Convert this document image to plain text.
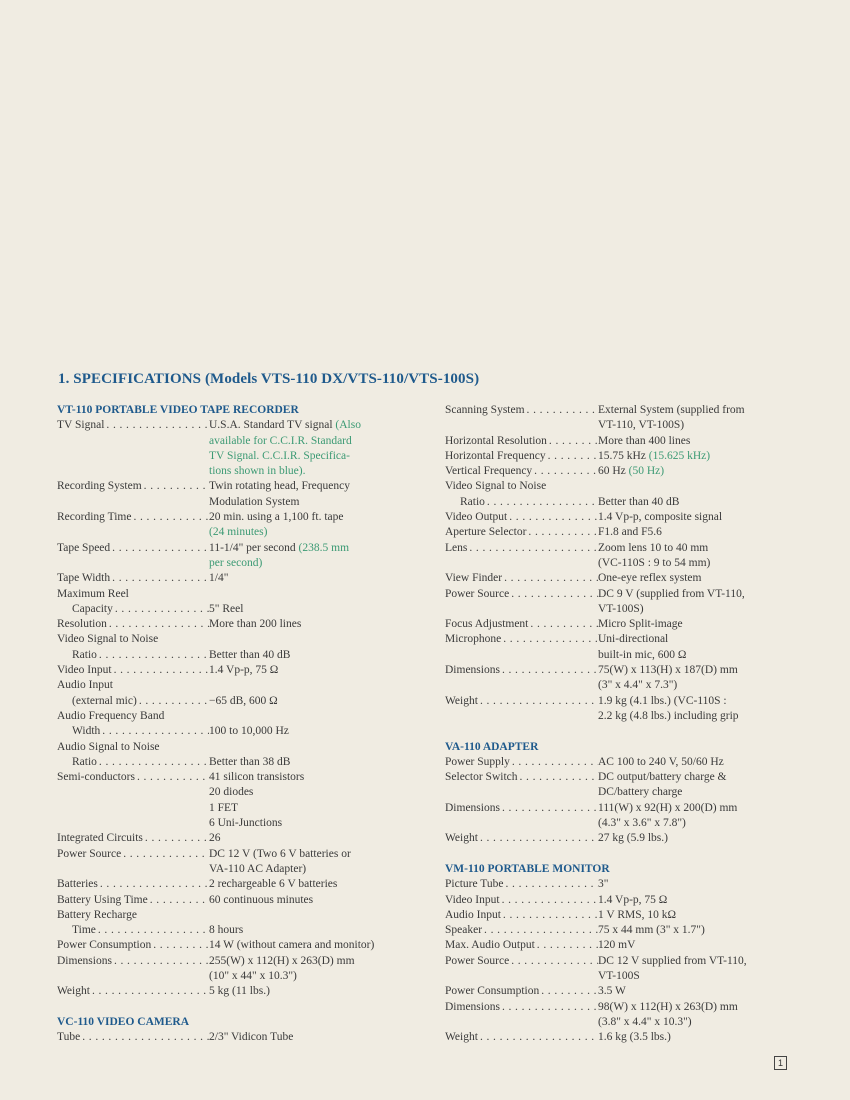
1. SPECIFICATIONS (Models VTS-110 DX/VTS-110/VTS-100S)
VT-110 PORTABLE VIDEO TAPE RECORDER
TV Signal . . .	U.S.A. Standard TV signal (Also
available for C.C.I.R. Standard
TV Signal. C.C.I.R. Specifica-
tions shown in blue).
Recording System . . .	Twin rotating head, Frequency
Modulation System
Recording Time . . .	20 min. using a 1,100 ft. tape
(24 minutes)
Tape Speed . . .	11-1/4" per second (238.5 mm
per second)
Tape Width . . .	1/4"
Maximum Reel
Capacity . . .	5" Reel
Resolution . . .	More than 200 lines
Video Signal to Noise
Ratio . . .	Better than 40 dB
Video Input . . .	1.4 Vp-p, 75 Ω
Audio Input
(external mic) . . .	−65 dB, 600 Ω
Audio Frequency Band
Width . . .	100 to 10,000 Hz
Audio Signal to Noise
Ratio . . .	Better than 38 dB
Semi-conductors . . .	41 silicon transistors
20 diodes
1 FET
6 Uni-Junctions
Integrated Circuits . . .	26
Power Source . . .	DC 12 V (Two 6 V batteries or
VA-110 AC Adapter)
Batteries . . .	2 rechargeable 6 V batteries
Battery Using Time . . .	60 continuous minutes
Battery Recharge
Time . . .	8 hours
Power Consumption . . .	14 W (without camera and monitor)
Dimensions . . .	255(W) x 112(H) x 263(D) mm
(10" x 44" x 10.3")
Weight . . .	5 kg (11 lbs.)
VC-110 VIDEO CAMERA
Tube . . .	2/3" Vidicon Tube
Scanning System . . .	External System (supplied from
VT-110, VT-100S)
Horizontal Resolution . . .	More than 400 lines
Horizontal Frequency . . .	15.75 kHz (15.625 kHz)
Vertical Frequency . . .	60 Hz (50 Hz)
Video Signal to Noise
Ratio . . .	Better than 40 dB
Video Output . . .	1.4 Vp-p, composite signal
Aperture Selector . . .	F1.8 and F5.6
Lens . . .	Zoom lens 10 to 40 mm
(VC-110S : 9 to 54 mm)
View Finder . . .	One-eye reflex system
Power Source . . .	DC 9 V (supplied from VT-110,
VT-100S)
Focus Adjustment . . .	Micro Split-image
Microphone . . .	Uni-directional
built-in mic, 600 Ω
Dimensions . . .	75(W) x 113(H) x 187(D) mm
(3" x 4.4" x 7.3")
Weight . . .	1.9 kg (4.1 lbs.) (VC-110S :
2.2 kg (4.8 lbs.) including grip
VA-110 ADAPTER
Power Supply . . .	AC 100 to 240 V, 50/60 Hz
Selector Switch . . .	DC output/battery charge &
DC/battery charge
Dimensions . . .	111(W) x 92(H) x 200(D) mm
(4.3" x 3.6" x 7.8")
Weight . . .	27 kg (5.9 lbs.)
VM-110 PORTABLE MONITOR
Picture Tube . . .	3"
Video Input . . .	1.4 Vp-p, 75 Ω
Audio Input . . .	1 V RMS, 10 kΩ
Speaker . . .	75 x 44 mm (3" x 1.7")
Max. Audio Output . . .	120 mV
Power Source . . .	DC 12 V supplied from VT-110,
VT-100S
Power Consumption . . .	3.5 W
Dimensions . . .	98(W) x 112(H) x 263(D) mm
(3.8" x 4.4" x 10.3")
Weight . . .	1.6 kg (3.5 lbs.)
1
